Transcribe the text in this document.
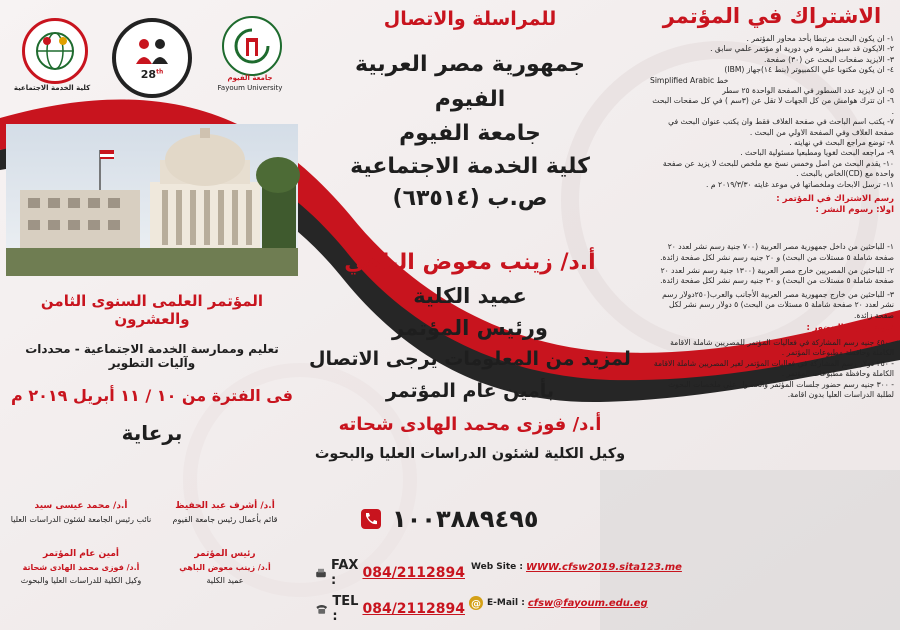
كلية الخدمة الاجتماعية
28th
جامعة الفيوم
Fayoum University
للمراسلة والاتصال
جمهورية مصر العربية
الفيوم
جامعة الفيوم
كلية الخدمة الاجتماعية
ص.ب (٦٣٥١٤)
أ.د/ زينب معوض الباهي
عميد الكلية
ورئيس المؤتمر
لمزيد من المعلومات يرجى الاتصال
بأمين عام المؤتمر
أ.د/ فوزى محمد الهادى شحاته
وكيل الكلية لشئون الدراسات العليا والبحوث
١٠٠٣٨٨٩٤٩٥
FAX :	084/2112894
TEL :	084/2112894
Web Site : WWW.cfsw2019.sita123.me
@ E-Mail : cfsw@fayoum.edu.eg
المؤتمر العلمى السنوى الثامن والعشرون
تعليم وممارسة الخدمة الاجتماعية - محددات وآليات التطوير
فى الفترة من ١٠ / ١١ أبريل ٢٠١٩ م
برعاية
أ.د/ محمد عيسى سيد
نائب رئيس الجامعة لشئون الدراسات العليا
أ.د/ أشرف عبد الحفيظ
قائم بأعمال رئيس جامعة الفيوم
أمين عام المؤتمر
أ.د/ فوزى محمد الهادى شحاتة
وكيل الكلية للدراسات العليا والبحوث
رئيس المؤتمر
أ.د/ زينب معوض الباهي
عميد الكلية
الاشتراك في المؤتمر

١- ان يكون البحث مرتبطا بأحد محاور المؤتمر .

٢- الايكون قد سبق نشره في دورية او مؤتمر علمي سابق .

٣- الايزيد صفحات البحث عن (٣٠) صفحة.

٤- ان يكون مكتوبا علي الكمبيوتر (بنط ١٤)جهاز (IBM)

خط Simplified Arabic

٥- ان لايزيد عدد السطور في الصفحة الواحدة ٢٥ سطر

٦- ان تترك هوامش من كل الجهات لا تقل عن (٣سم ) في كل صفحات البحث .

٧- يكتب اسم الباحث في صفحة الغلاف فقط وان يكتب عنوان البحث في صفحة الغلاف وفي الصفحة الاولي من البحث .

٨- توضع مراجع البحث في نهايته .

٩- مراجعه البحث لغويا ومطبعيا مسئولية الباحث .

١٠- يقدم البحث من اصل وخمس نسخ مع ملخص للبحث لا يزيد عن صفحة واحدة مع (CD)الخاص بالبحث .

١١- ترسل الابحاث وملخصاتها في موعد غايته ٢٠١٩/٣/٣٠ م .

رسم الاشتراك في المؤتمر :
اولا: رسوم النشر :

١- للباحثين من داخل جمهورية مصر العربية (٧٠٠ جنية رسم نشر لعدد ٢٠ صفحة شاملة ٥ مستلات من البحث) و ٢٠ جنيه رسم نشر لكل صفحة زائدة.

٢- للباحثين من المصريين خارج مصر العربية (١٣٠٠ جنية رسم نشر لعدد ٢٠ صفحة شاملة ٥ مستلات من البحث) و ٣٠ جنيه رسم نشر لكل صفحة زائدة.

٣- للباحثين من خارج جمهورية مصر العربية الأجانب والعرب(٢٥٠دولار رسم نشر لعدد ٢٠ صفحة شاملة ٥ مستلات من البحث) ٥ دولار رسم نشر لكل صفحة زائدة.

ثانيا: رسوم الحضور :

- ٤٥٠ جنيه رسم المشاركة في فعاليات المؤتمر للمصريين شاملة الاقامة الكاملة وحافظة مطبوعات المؤتمر .

- ٢٥٠ دولار رسم المشاركة في فعاليات المؤتمر لغير المصريين شاملة الاقامة الكاملة وحافظة مطبوعات المؤتمر .

- ٣٠٠ جنيه رسم حضور جلسات المؤتمر والحصول علي ملخصات البحوث لطلبة الدراسات العليا بدون اقامة.
